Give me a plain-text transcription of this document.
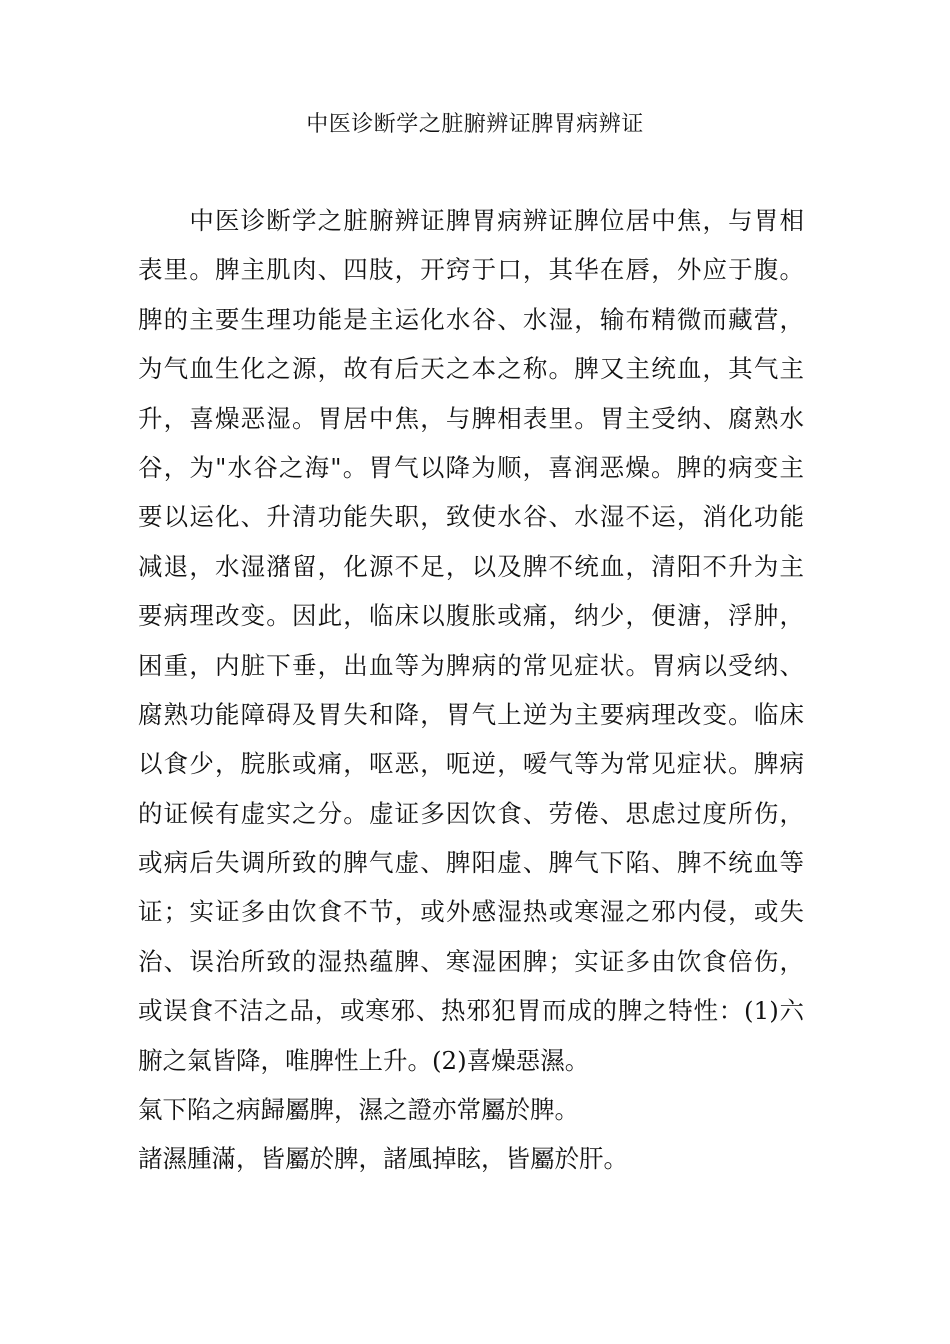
中医诊断学之脏腑辨证脾胃病辨证
　　中医诊断学之脏腑辨证脾胃病辨证脾位居中焦，与胃相
表里。脾主肌肉、四肢，开窍于口，其华在唇，外应于腹。
脾的主要生理功能是主运化水谷、水湿，输布精微而藏营，
为气血生化之源，故有后天之本之称。脾又主统血，其气主
升，喜燥恶湿。胃居中焦，与脾相表里。胃主受纳、腐熟水
谷，为"水谷之海"。胃气以降为顺，喜润恶燥。脾的病变主
要以运化、升清功能失职，致使水谷、水湿不运，消化功能
减退，水湿潴留，化源不足，以及脾不统血，清阳不升为主
要病理改变。因此，临床以腹胀或痛，纳少，便溏，浮肿，
困重，内脏下垂，出血等为脾病的常见症状。胃病以受纳、
腐熟功能障碍及胃失和降，胃气上逆为主要病理改变。临床
以食少，脘胀或痛，呕恶，呃逆，嗳气等为常见症状。脾病
的证候有虚实之分。虚证多因饮食、劳倦、思虑过度所伤，
或病后失调所致的脾气虚、脾阳虚、脾气下陷、脾不统血等
证；实证多由饮食不节，或外感湿热或寒湿之邪内侵，或失
治、误治所致的湿热蕴脾、寒湿困脾；实证多由饮食倍伤，
或误食不洁之品，或寒邪、热邪犯胃而成的脾之特性：(1)六
腑之氣皆降，唯脾性上升。(2)喜燥惡濕。
氣下陷之病歸屬脾，濕之證亦常屬於脾。
諸濕腫滿，皆屬於脾，諸風掉眩，皆屬於肝。
